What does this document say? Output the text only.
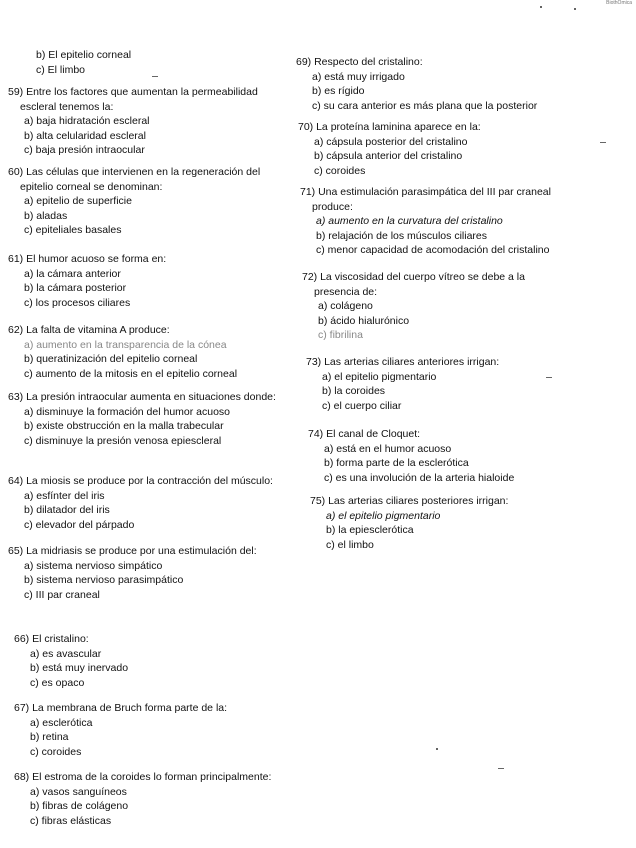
BiothOmica
b) El epitelio corneal
c) El limbo
59) Entre los factores que aumentan la permeabilidad escleral tenemos la:
a) baja hidratación escleral
b) alta celularidad escleral
c) baja presión intraocular
60) Las células que intervienen en la regeneración del epitelio corneal se denominan:
a) epitelio de superficie
b) aladas
c) epiteliales basales
61) El humor acuoso se forma en:
a) la cámara anterior
b) la cámara posterior
c) los procesos ciliares
62) La falta de vitamina A produce:
a) aumento en la transparencia de la cónea
b) queratinización del epitelio corneal
c) aumento de la mitosis en el epitelio corneal
63) La presión intraocular aumenta en situaciones donde:
a) disminuye la formación del humor acuoso
b) existe obstrucción en la malla trabecular
c) disminuye la presión venosa epiescleral
64) La miosis se produce por la contracción del músculo:
a) esfínter del iris
b) dilatador del iris
c) elevador del párpado
65) La midriasis se produce por una estimulación del:
a) sistema nervioso simpático
b) sistema nervioso parasimpático
c) III par craneal
66) El cristalino:
a) es avascular
b) está muy inervado
c) es opaco
67) La membrana de Bruch forma parte de la:
a) esclerótica
b) retina
c) coroides
68) El estroma de la coroides lo forman principalmente:
a) vasos sanguíneos
b) fibras de colágeno
c) fibras elásticas
69) Respecto del cristalino:
a) está muy irrigado
b) es rígido
c) su cara anterior es más plana que la posterior
70) La proteína laminina aparece en la:
a) cápsula posterior del cristalino
b) cápsula anterior del cristalino
c) coroides
71) Una estimulación parasimpática del III par craneal produce:
a) aumento en la curvatura del cristalino
b) relajación de los músculos ciliares
c) menor capacidad de acomodación del cristalino
72) La viscosidad del cuerpo vítreo se debe a la presencia de:
a) colágeno
b) ácido hialurónico
c) fibrilina
73) Las arterias ciliares anteriores irrigan:
a) el epitelio pigmentario
b) la coroides
c) el cuerpo ciliar
74) El canal de Cloquet:
a) está en el humor acuoso
b) forma parte de la esclerótica
c) es una involución de la arteria hialoide
75) Las arterias ciliares posteriores irrigan:
a) el epitelio pigmentario
b) la epiesclerótica
c) el limbo
